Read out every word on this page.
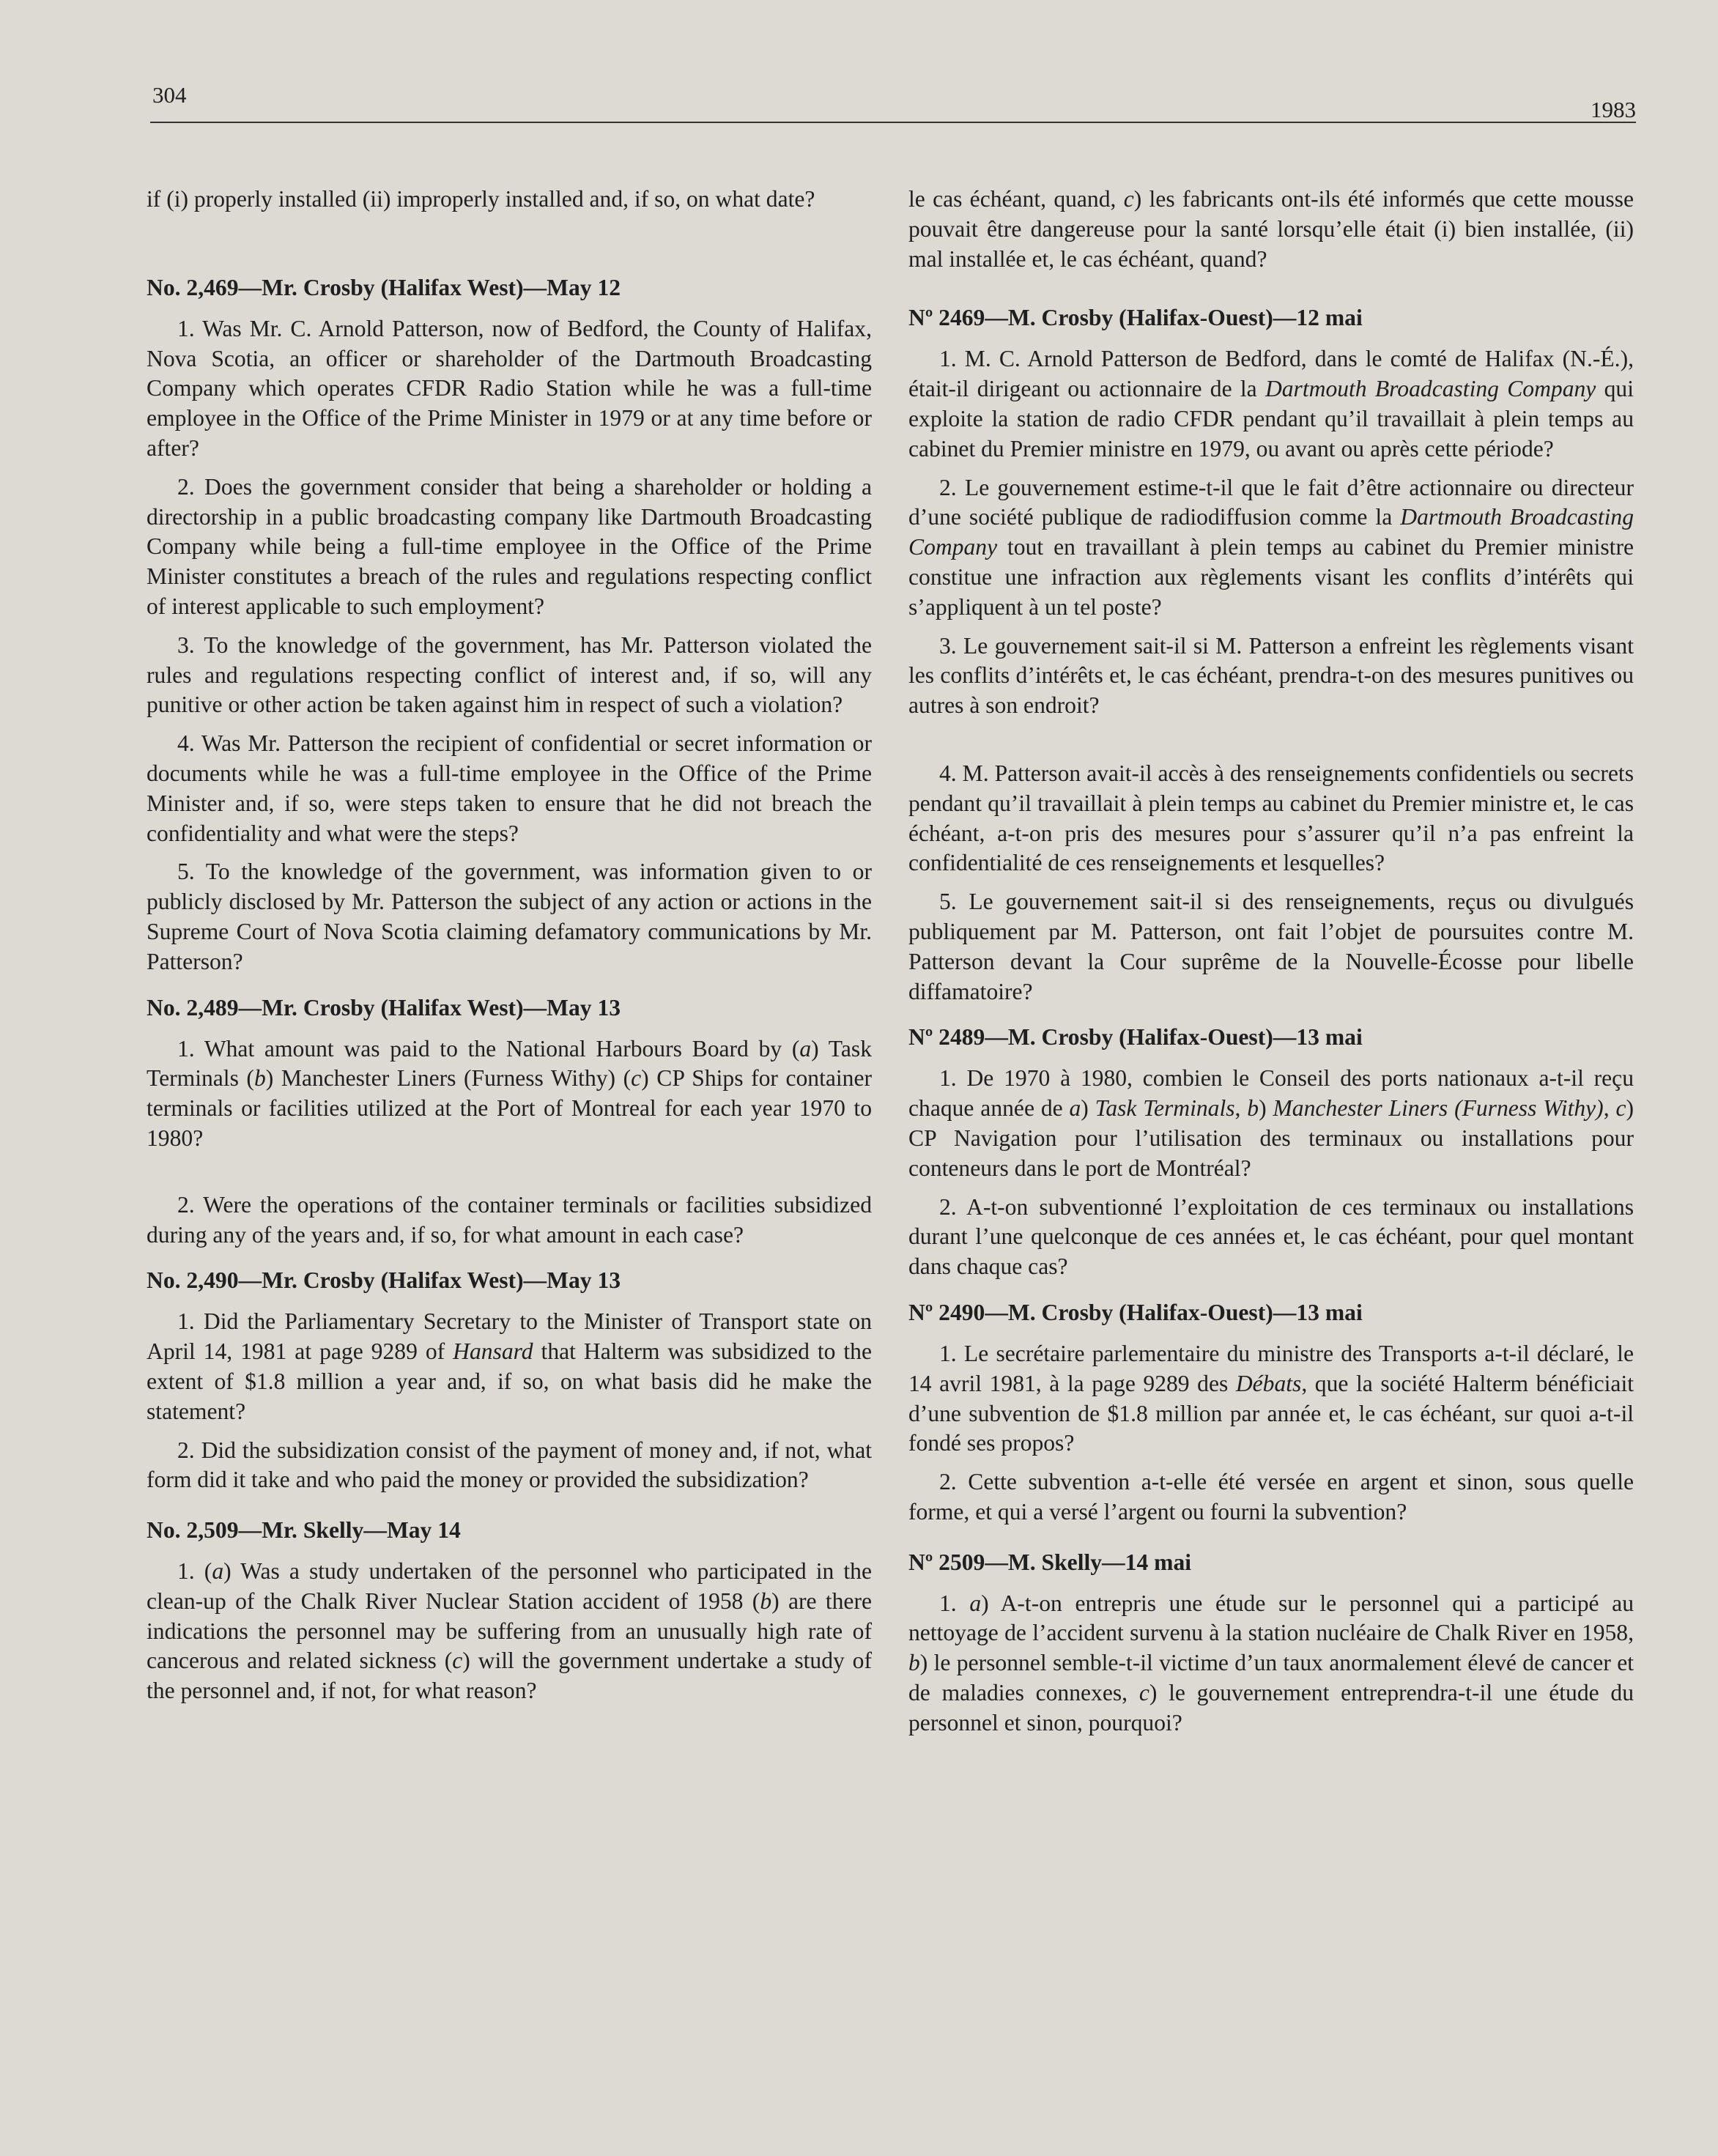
304
1983

if (i) properly installed (ii) improperly installed and, if so, on what date?

No. 2,469—Mr. Crosby (Halifax West)—May 12

1. Was Mr. C. Arnold Patterson, now of Bedford, the County of Halifax, Nova Scotia, an officer or shareholder of the Dartmouth Broadcasting Company which operates CFDR Radio Station while he was a full-time employee in the Office of the Prime Minister in 1979 or at any time before or after?

2. Does the government consider that being a shareholder or holding a directorship in a public broadcasting company like Dartmouth Broadcasting Company while being a full-time employee in the Office of the Prime Minister constitutes a breach of the rules and regulations respecting conflict of interest applicable to such employment?

3. To the knowledge of the government, has Mr. Patterson violated the rules and regulations respecting conflict of interest and, if so, will any punitive or other action be taken against him in respect of such a violation?

4. Was Mr. Patterson the recipient of confidential or secret information or documents while he was a full-time employee in the Office of the Prime Minister and, if so, were steps taken to ensure that he did not breach the confidentiality and what were the steps?

5. To the knowledge of the government, was information given to or publicly disclosed by Mr. Patterson the subject of any action or actions in the Supreme Court of Nova Scotia claiming defamatory communications by Mr. Patterson?

No. 2,489—Mr. Crosby (Halifax West)—May 13

1. What amount was paid to the National Harbours Board by (a) Task Terminals (b) Manchester Liners (Furness Withy) (c) CP Ships for container terminals or facilities utilized at the Port of Montreal for each year 1970 to 1980?

2. Were the operations of the container terminals or facilities subsidized during any of the years and, if so, for what amount in each case?

No. 2,490—Mr. Crosby (Halifax West)—May 13

1. Did the Parliamentary Secretary to the Minister of Transport state on April 14, 1981 at page 9289 of Hansard that Halterm was subsidized to the extent of $1.8 million a year and, if so, on what basis did he make the statement?

2. Did the subsidization consist of the payment of money and, if not, what form did it take and who paid the money or provided the subsidization?

No. 2,509—Mr. Skelly—May 14

1. (a) Was a study undertaken of the personnel who participated in the clean-up of the Chalk River Nuclear Station accident of 1958 (b) are there indications the personnel may be suffering from an unusually high rate of cancerous and related sickness (c) will the government undertake a study of the personnel and, if not, for what reason?

le cas échéant, quand, c) les fabricants ont-ils été informés que cette mousse pouvait être dangereuse pour la santé lorsqu’elle était (i) bien installée, (ii) mal installée et, le cas échéant, quand?

Nº 2469—M. Crosby (Halifax-Ouest)—12 mai

1. M. C. Arnold Patterson de Bedford, dans le comté de Halifax (N.-É.), était-il dirigeant ou actionnaire de la Dartmouth Broadcasting Company qui exploite la station de radio CFDR pendant qu’il travaillait à plein temps au cabinet du Premier ministre en 1979, ou avant ou après cette période?

2. Le gouvernement estime-t-il que le fait d’être actionnaire ou directeur d’une société publique de radiodiffusion comme la Dartmouth Broadcasting Company tout en travaillant à plein temps au cabinet du Premier ministre constitue une infraction aux règlements visant les conflits d’intérêts qui s’appliquent à un tel poste?

3. Le gouvernement sait-il si M. Patterson a enfreint les règlements visant les conflits d’intérêts et, le cas échéant, prendra-t-on des mesures punitives ou autres à son endroit?

4. M. Patterson avait-il accès à des renseignements confidentiels ou secrets pendant qu’il travaillait à plein temps au cabinet du Premier ministre et, le cas échéant, a-t-on pris des mesures pour s’assurer qu’il n’a pas enfreint la confidentialité de ces renseignements et lesquelles?

5. Le gouvernement sait-il si des renseignements, reçus ou divulgués publiquement par M. Patterson, ont fait l’objet de poursuites contre M. Patterson devant la Cour suprême de la Nouvelle-Écosse pour libelle diffamatoire?

Nº 2489—M. Crosby (Halifax-Ouest)—13 mai

1. De 1970 à 1980, combien le Conseil des ports nationaux a-t-il reçu chaque année de a) Task Terminals, b) Manchester Liners (Furness Withy), c) CP Navigation pour l’utilisation des terminaux ou installations pour conteneurs dans le port de Montréal?

2. A-t-on subventionné l’exploitation de ces terminaux ou installations durant l’une quelconque de ces années et, le cas échéant, pour quel montant dans chaque cas?

Nº 2490—M. Crosby (Halifax-Ouest)—13 mai

1. Le secrétaire parlementaire du ministre des Transports a-t-il déclaré, le 14 avril 1981, à la page 9289 des Débats, que la société Halterm bénéficiait d’une subvention de $1.8 million par année et, le cas échéant, sur quoi a-t-il fondé ses propos?

2. Cette subvention a-t-elle été versée en argent et sinon, sous quelle forme, et qui a versé l’argent ou fourni la subvention?

Nº 2509—M. Skelly—14 mai

1. a) A-t-on entrepris une étude sur le personnel qui a participé au nettoyage de l’accident survenu à la station nucléaire de Chalk River en 1958, b) le personnel semble-t-il victime d’un taux anormalement élevé de cancer et de maladies connexes, c) le gouvernement entreprendra-t-il une étude du personnel et sinon, pourquoi?
